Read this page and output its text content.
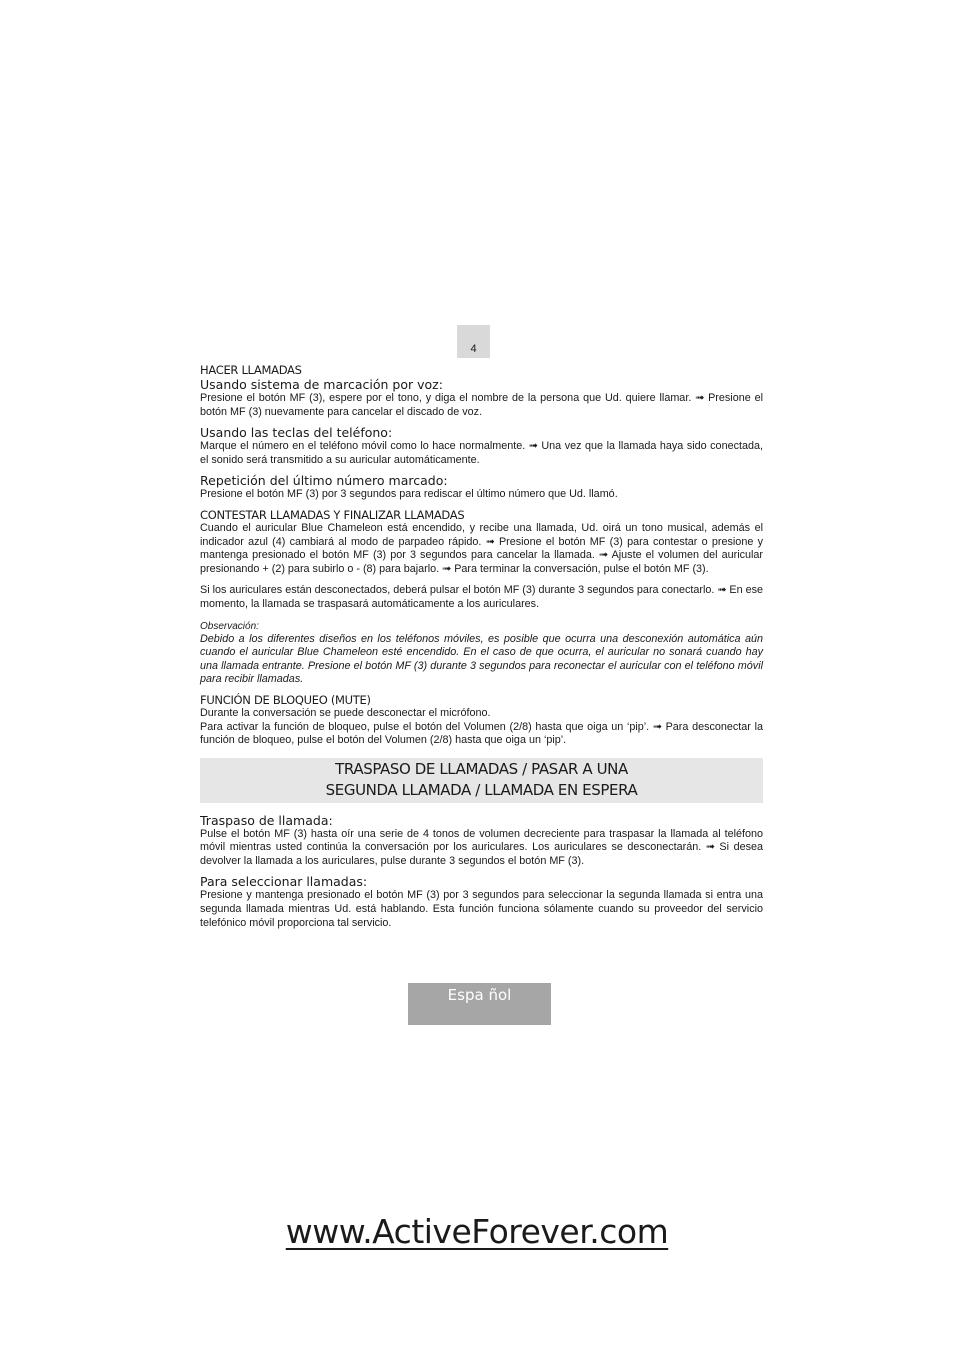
4

HACER LLAMADAS

Usando sistema de marcación por voz:

Presione el botón MF (3), espere por el tono, y diga el nombre de la persona que Ud. quiere llamar. ➟ Presione el botón MF (3) nuevamente para cancelar el discado de voz.

Usando las teclas del teléfono:

Marque el número en el teléfono móvil como lo hace normalmente. ➟ Una vez que la llamada haya sido conectada, el sonido será transmitido a su auricular automáticamente.

Repetición del último número marcado:

Presione el botón MF (3) por 3 segundos para rediscar el último número que Ud. llamó.

CONTESTAR LLAMADAS Y FINALIZAR LLAMADAS

Cuando el auricular Blue Chameleon está encendido, y recibe una llamada, Ud. oirá un tono musical, además el indicador azul (4) cambiará al modo de parpadeo rápido. ➟ Presione el botón MF (3) para contestar o presione y mantenga presionado el botón MF (3) por 3 segundos para cancelar la llamada. ➟ Ajuste el volumen del auricular presionando + (2) para subirlo o - (8) para bajarlo. ➟ Para terminar la conversación, pulse el botón MF (3).

Si los auriculares están desconectados, deberá pulsar el botón MF (3) durante 3 segundos para conectarlo. ➟ En ese momento, la llamada se traspasará automáticamente a los auriculares.

Observación:

Debido a los diferentes diseños en los teléfonos móviles, es posible que ocurra una desconexión automática aún cuando el auricular Blue Chameleon esté encendido. En el caso de que ocurra, el auricular no sonará cuando hay una llamada entrante. Presione el botón MF (3) durante 3 segundos para reconectar el auricular con el teléfono móvil para recibir llamadas.

FUNCIÓN DE BLOQUEO (MUTE)

Durante la conversación se puede desconectar el micrófono.

Para activar la función de bloqueo, pulse el botón del Volumen (2/8) hasta que oiga un ‘pip’. ➟ Para desconectar la función de bloqueo, pulse el botón del Volumen (2/8) hasta que oiga un ‘pip’.

TRASPASO DE LLAMADAS / PASAR A UNA
SEGUNDA LLAMADA / LLAMADA EN ESPERA

Traspaso de llamada:

Pulse el botón MF (3) hasta oír una serie de 4 tonos de volumen decreciente para traspasar la llamada al teléfono móvil mientras usted continúa la conversación por los auriculares. Los auriculares se desconectarán. ➟ Si desea devolver la llamada a los auriculares, pulse durante 3 segundos el botón MF (3).

Para seleccionar llamadas:

Presione y mantenga presionado el botón MF (3) por 3 segundos para seleccionar la segunda llamada si entra una segunda llamada mientras Ud. está hablando. Esta función funciona sólamente cuando su proveedor del servicio telefónico móvil proporciona tal servicio.

Espa ñol
www.ActiveForever.com
